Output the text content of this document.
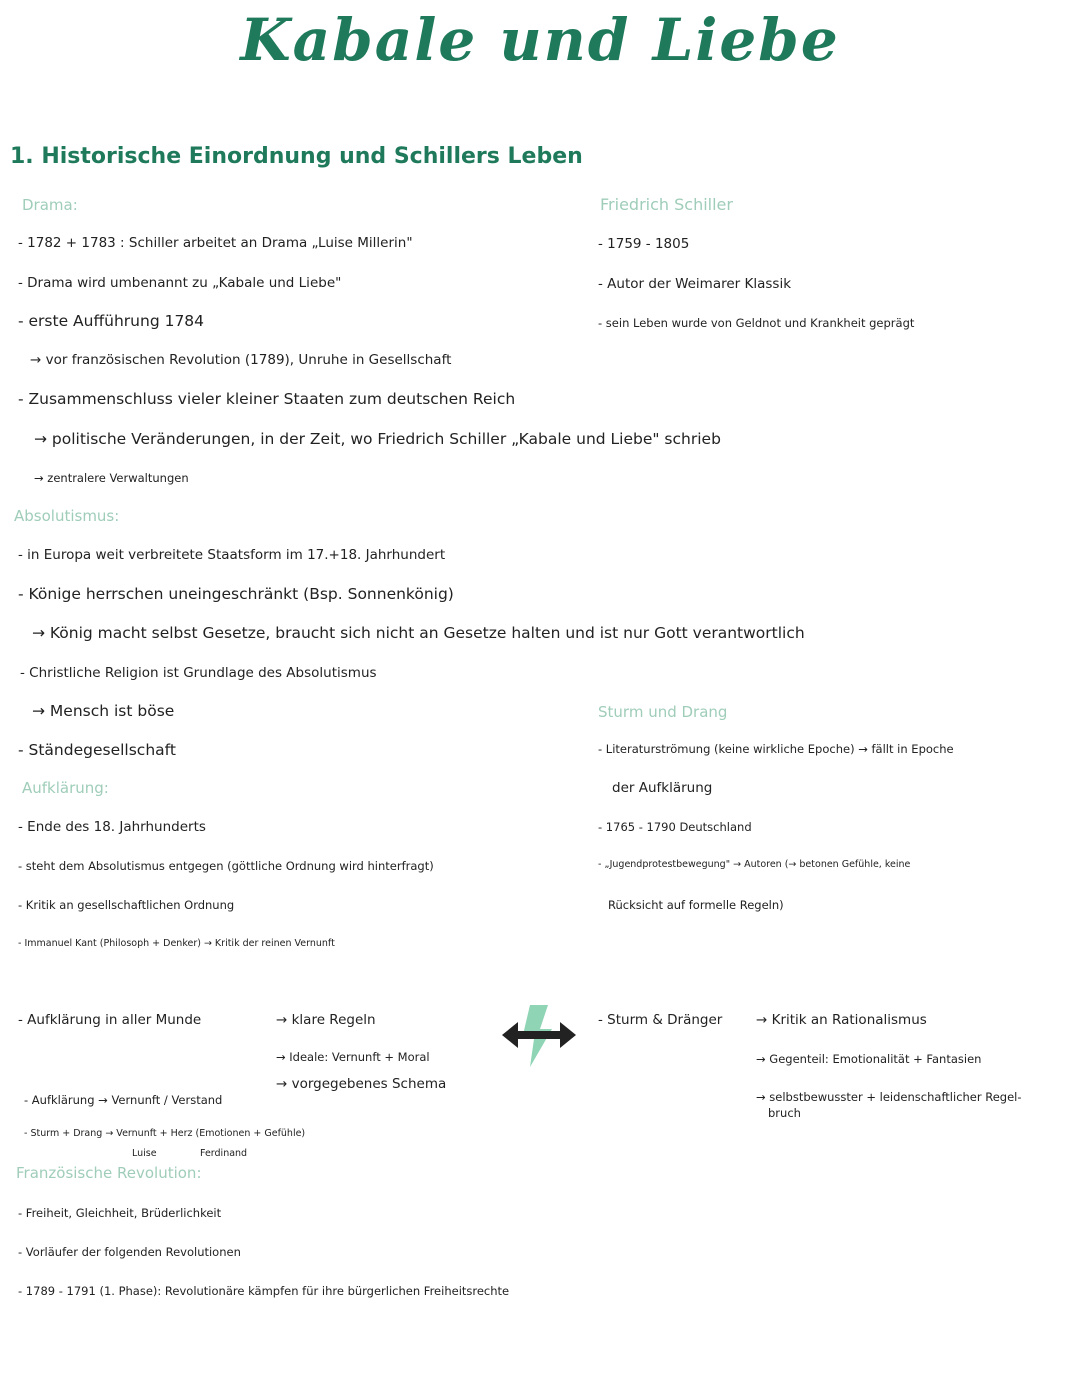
Kabale und Liebe
1. Historische Einordnung und Schillers Leben
Drama:
- 1782 + 1783 : Schiller arbeitet an Drama „Luise Millerin"
- Drama wird umbenannt zu „Kabale und Liebe"
- erste Aufführung 1784
→ vor französischen Revolution (1789), Unruhe in Gesellschaft
- Zusammenschluss vieler kleiner Staaten zum deutschen Reich
→ politische Veränderungen, in der Zeit, wo Friedrich Schiller „Kabale und Liebe" schrieb
→ zentralere Verwaltungen
Friedrich Schiller
- 1759 - 1805
- Autor der Weimarer Klassik
- sein Leben wurde von Geldnot und Krankheit geprägt
Absolutismus:
- in Europa weit verbreitete Staatsform im 17.+18. Jahrhundert
- Könige herrschen uneingeschränkt (Bsp. Sonnenkönig)
→ König macht selbst Gesetze, braucht sich nicht an Gesetze halten und ist nur Gott verantwortlich
- Christliche Religion ist Grundlage des Absolutismus
→ Mensch ist böse
- Ständegesellschaft
Sturm und Drang
- Literaturströmung (keine wirkliche Epoche) → fällt in Epoche
der Aufklärung
- 1765 - 1790 Deutschland
- „Jugendprotestbewegung" → Autoren (→ betonen Gefühle, keine
Rücksicht auf formelle Regeln)
Aufklärung:
- Ende des 18. Jahrhunderts
- steht dem Absolutismus entgegen (göttliche Ordnung wird hinterfragt)
- Kritik an gesellschaftlichen Ordnung
- Immanuel Kant (Philosoph + Denker) → Kritik der reinen Vernunft
- Aufklärung in aller Munde	→ klare Regeln
→ Ideale: Vernunft + Moral
→ vorgegebenes Schema
- Sturm & Dränger → Kritik an Rationalismus
→ Gegenteil: Emotionalität + Fantasien
→ selbstbewusster + leidenschaftlicher Regel-
bruch
- Aufklärung → Vernunft / Verstand
- Sturm + Drang → Vernunft + Herz (Emotionen + Gefühle)
Luise	Ferdinand
Französische Revolution:
- Freiheit, Gleichheit, Brüderlichkeit
- Vorläufer der folgenden Revolutionen
- 1789 - 1791 (1. Phase): Revolutionäre kämpfen für ihre bürgerlichen Freiheitsrechte
